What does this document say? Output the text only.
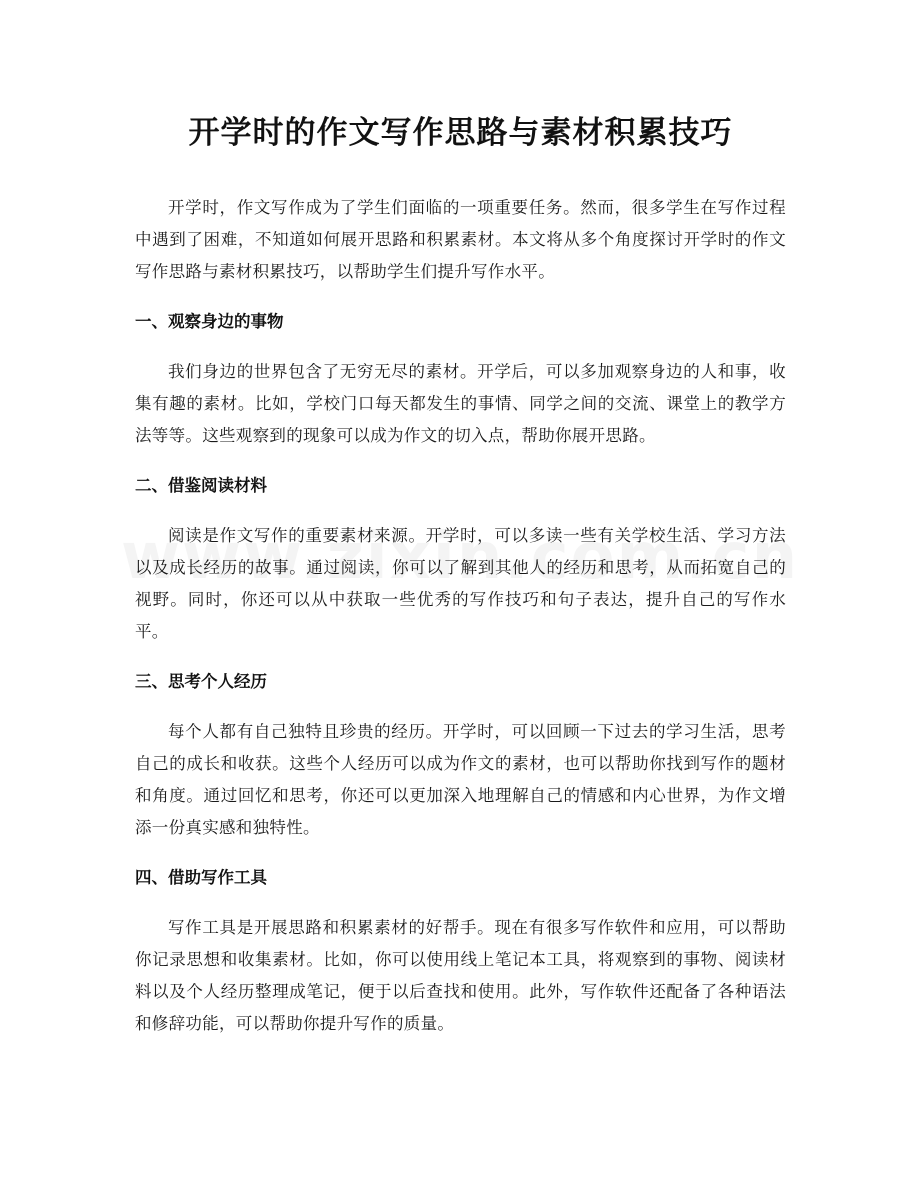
开学时的作文写作思路与素材积累技巧

开学时，作文写作成为了学生们面临的一项重要任务。然而，很多学生在写作过程中遇到了困难，不知道如何展开思路和积累素材。本文将从多个角度探讨开学时的作文写作思路与素材积累技巧，以帮助学生们提升写作水平。

一、观察身边的事物

我们身边的世界包含了无穷无尽的素材。开学后，可以多加观察身边的人和事，收集有趣的素材。比如，学校门口每天都发生的事情、同学之间的交流、课堂上的教学方法等等。这些观察到的现象可以成为作文的切入点，帮助你展开思路。

二、借鉴阅读材料

阅读是作文写作的重要素材来源。开学时，可以多读一些有关学校生活、学习方法以及成长经历的故事。通过阅读，你可以了解到其他人的经历和思考，从而拓宽自己的视野。同时，你还可以从中获取一些优秀的写作技巧和句子表达，提升自己的写作水平。

三、思考个人经历

每个人都有自己独特且珍贵的经历。开学时，可以回顾一下过去的学习生活，思考自己的成长和收获。这些个人经历可以成为作文的素材，也可以帮助你找到写作的题材和角度。通过回忆和思考，你还可以更加深入地理解自己的情感和内心世界，为作文增添一份真实感和独特性。

四、借助写作工具

写作工具是开展思路和积累素材的好帮手。现在有很多写作软件和应用，可以帮助你记录思想和收集素材。比如，你可以使用线上笔记本工具，将观察到的事物、阅读材料以及个人经历整理成笔记，便于以后查找和使用。此外，写作软件还配备了各种语法和修辞功能，可以帮助你提升写作的质量。
